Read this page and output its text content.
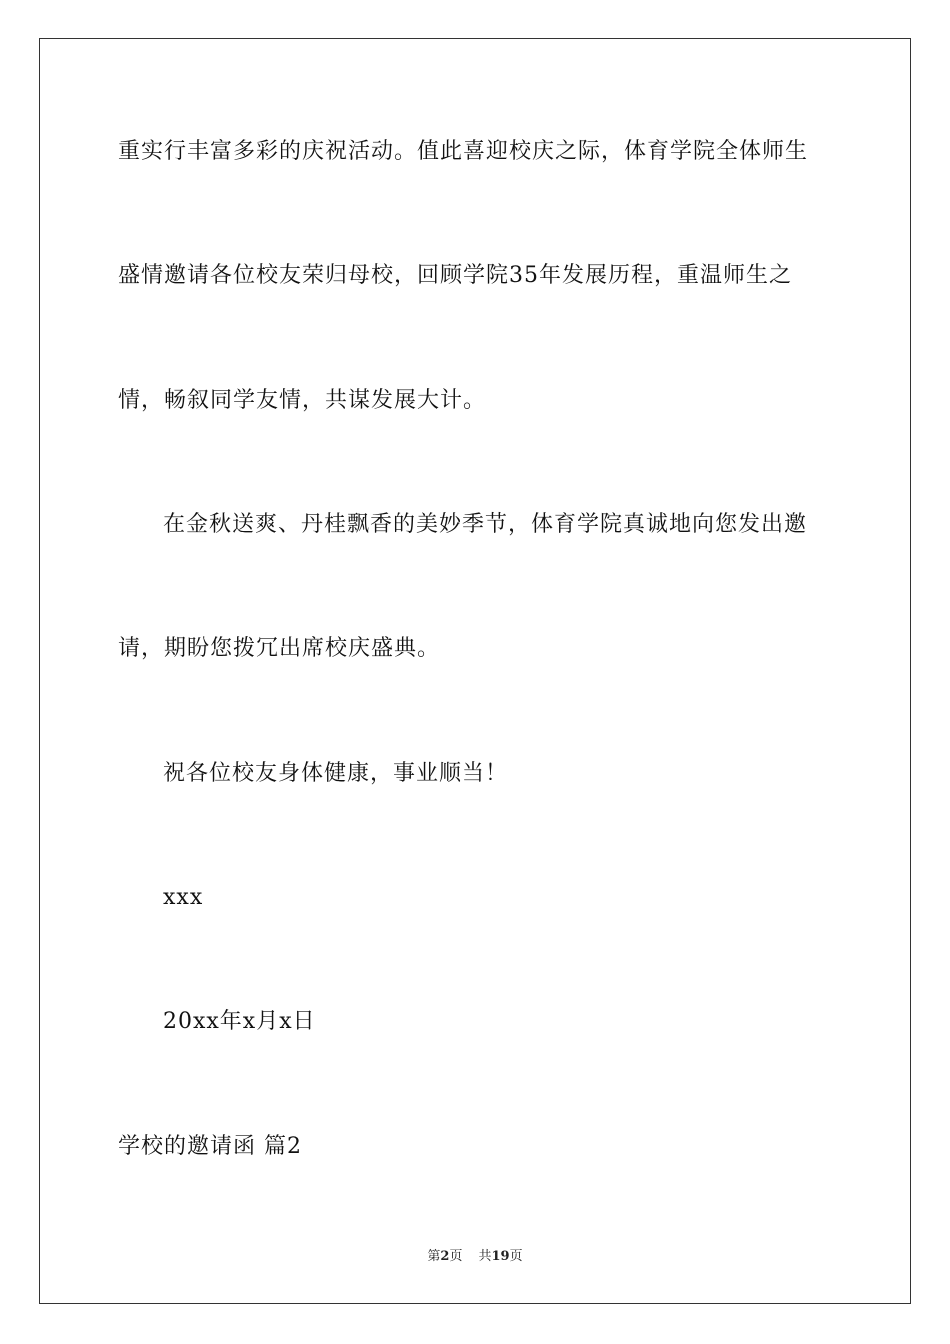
重实行丰富多彩的庆祝活动。值此喜迎校庆之际，体育学院全体师生
盛情邀请各位校友荣归母校，回顾学院35年发展历程，重温师生之
情，畅叙同学友情，共谋发展大计。
在金秋送爽、丹桂飘香的美妙季节，体育学院真诚地向您发出邀
请，期盼您拨冗出席校庆盛典。
祝各位校友身体健康，事业顺当！
xxx
20xx年x月x日
学校的邀请函 篇2
第2页 共19页
